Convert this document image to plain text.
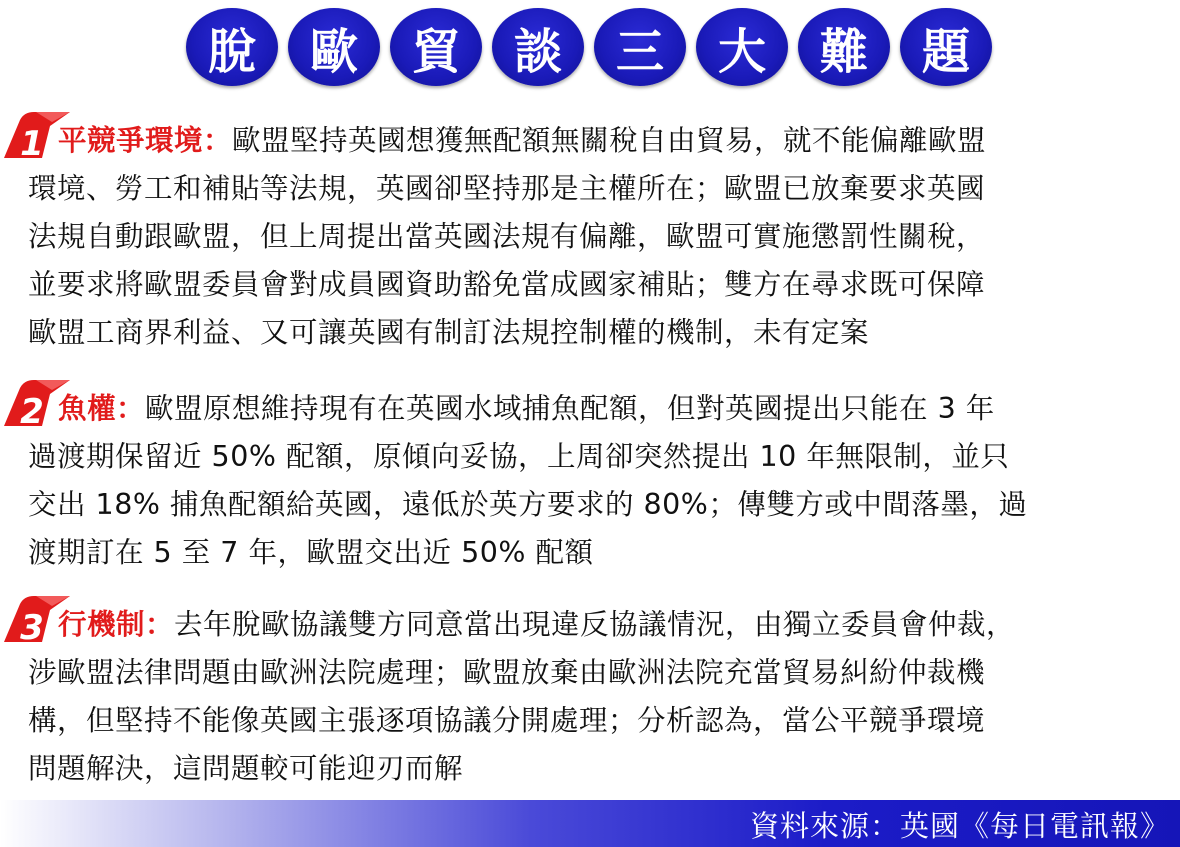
脫	歐	貿	談	三	大	難	題
1 平競爭環境：歐盟堅持英國想獲無配額無關稅自由貿易，就不能偏離歐盟
環境、勞工和補貼等法規，英國卻堅持那是主權所在；歐盟已放棄要求英國
法規自動跟歐盟，但上周提出當英國法規有偏離，歐盟可實施懲罰性關稅，
並要求將歐盟委員會對成員國資助豁免當成國家補貼；雙方在尋求既可保障
歐盟工商界利益、又可讓英國有制訂法規控制權的機制，未有定案

2 魚權：歐盟原想維持現有在英國水域捕魚配額，但對英國提出只能在 3 年
過渡期保留近 50% 配額，原傾向妥協，上周卻突然提出 10 年無限制，並只
交出 18% 捕魚配額給英國，遠低於英方要求的 80%；傳雙方或中間落墨，過
渡期訂在 5 至 7 年，歐盟交出近 50% 配額

3 行機制：去年脫歐協議雙方同意當出現違反協議情況，由獨立委員會仲裁，
涉歐盟法律問題由歐洲法院處理；歐盟放棄由歐洲法院充當貿易糾紛仲裁機
構，但堅持不能像英國主張逐項協議分開處理；分析認為，當公平競爭環境
問題解決，這問題較可能迎刃而解

資料來源：英國《每日電訊報》
